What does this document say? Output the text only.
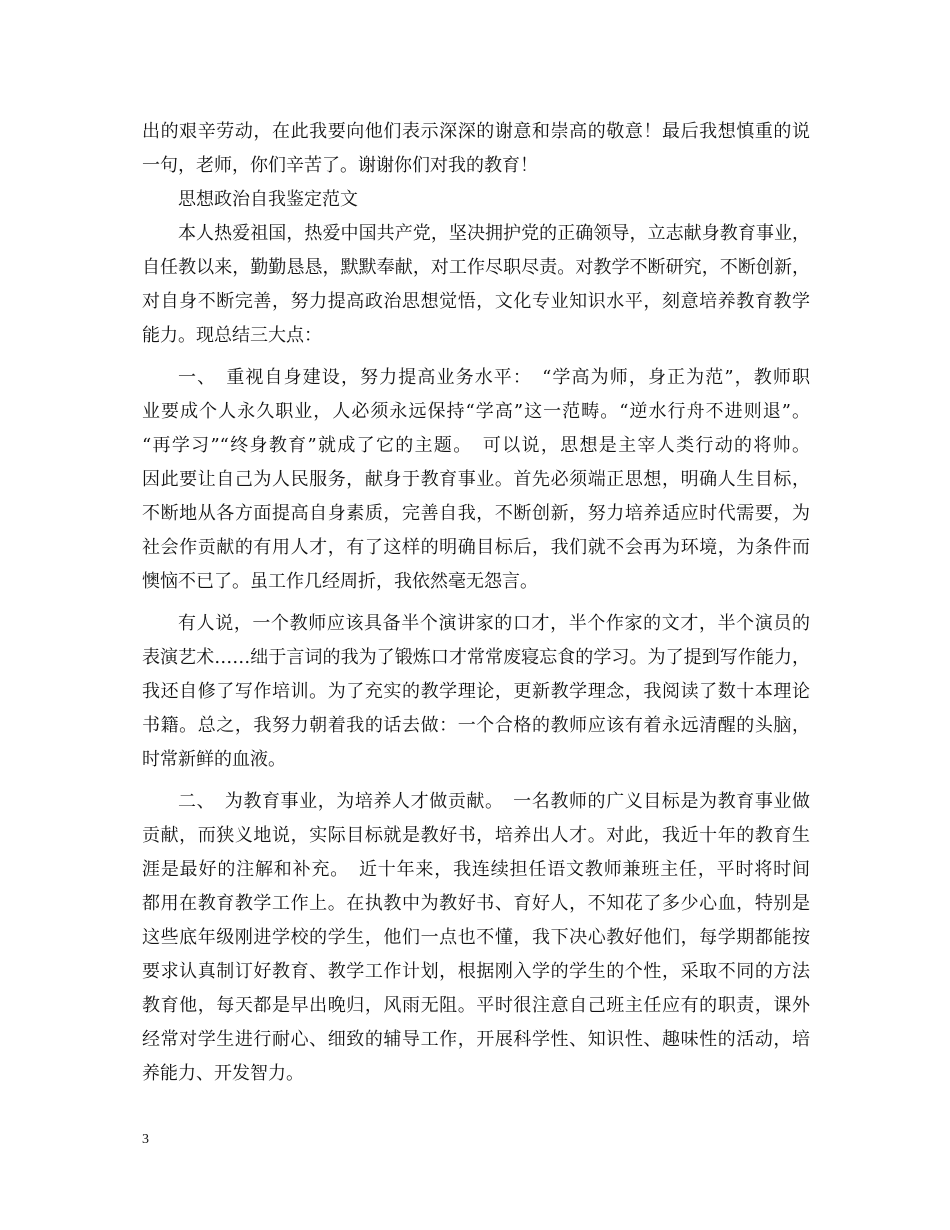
出的艰辛劳动，在此我要向他们表示深深的谢意和崇高的敬意！最后我想慎重的说
一句，老师，你们辛苦了。谢谢你们对我的教育！
思想政治自我鉴定范文
本人热爱祖国，热爱中国共产党，坚决拥护党的正确领导，立志献身教育事业，
自任教以来，勤勤恳恳，默默奉献，对工作尽职尽责。对教学不断研究，不断创新，
对自身不断完善，努力提高政治思想觉悟，文化专业知识水平，刻意培养教育教学
能力。现总结三大点：
一、　重视自身建设，努力提高业务水平：　“学高为师，身正为范”，教师职
业要成个人永久职业，人必须永远保持“学高”这一范畴。“逆水行舟不进则退”。
“再学习”“终身教育”就成了它的主题。　可以说，思想是主宰人类行动的将帅。
因此要让自己为人民服务，献身于教育事业。首先必须端正思想，明确人生目标，
不断地从各方面提高自身素质，完善自我，不断创新，努力培养适应时代需要，为
社会作贡献的有用人才，有了这样的明确目标后，我们就不会再为环境，为条件而
懊恼不已了。虽工作几经周折，我依然毫无怨言。
有人说，一个教师应该具备半个演讲家的口才，半个作家的文才，半个演员的
表演艺术……绌于言词的我为了锻炼口才常常废寝忘食的学习。为了提到写作能力，
我还自修了写作培训。为了充实的教学理论，更新教学理念，我阅读了数十本理论
书籍。总之，我努力朝着我的话去做：一个合格的教师应该有着永远清醒的头脑，
时常新鲜的血液。
二、　为教育事业，为培养人才做贡献。　一名教师的广义目标是为教育事业做
贡献，而狭义地说，实际目标就是教好书，培养出人才。对此，我近十年的教育生
涯是最好的注解和补充。　近十年来，我连续担任语文教师兼班主任，平时将时间
都用在教育教学工作上。在执教中为教好书、育好人，不知花了多少心血，特别是
这些底年级刚进学校的学生，他们一点也不懂，我下决心教好他们，每学期都能按
要求认真制订好教育、教学工作计划，根据刚入学的学生的个性，采取不同的方法
教育他，每天都是早出晚归，风雨无阻。平时很注意自己班主任应有的职责，课外
经常对学生进行耐心、细致的辅导工作，开展科学性、知识性、趣味性的活动，培
养能力、开发智力。
3
